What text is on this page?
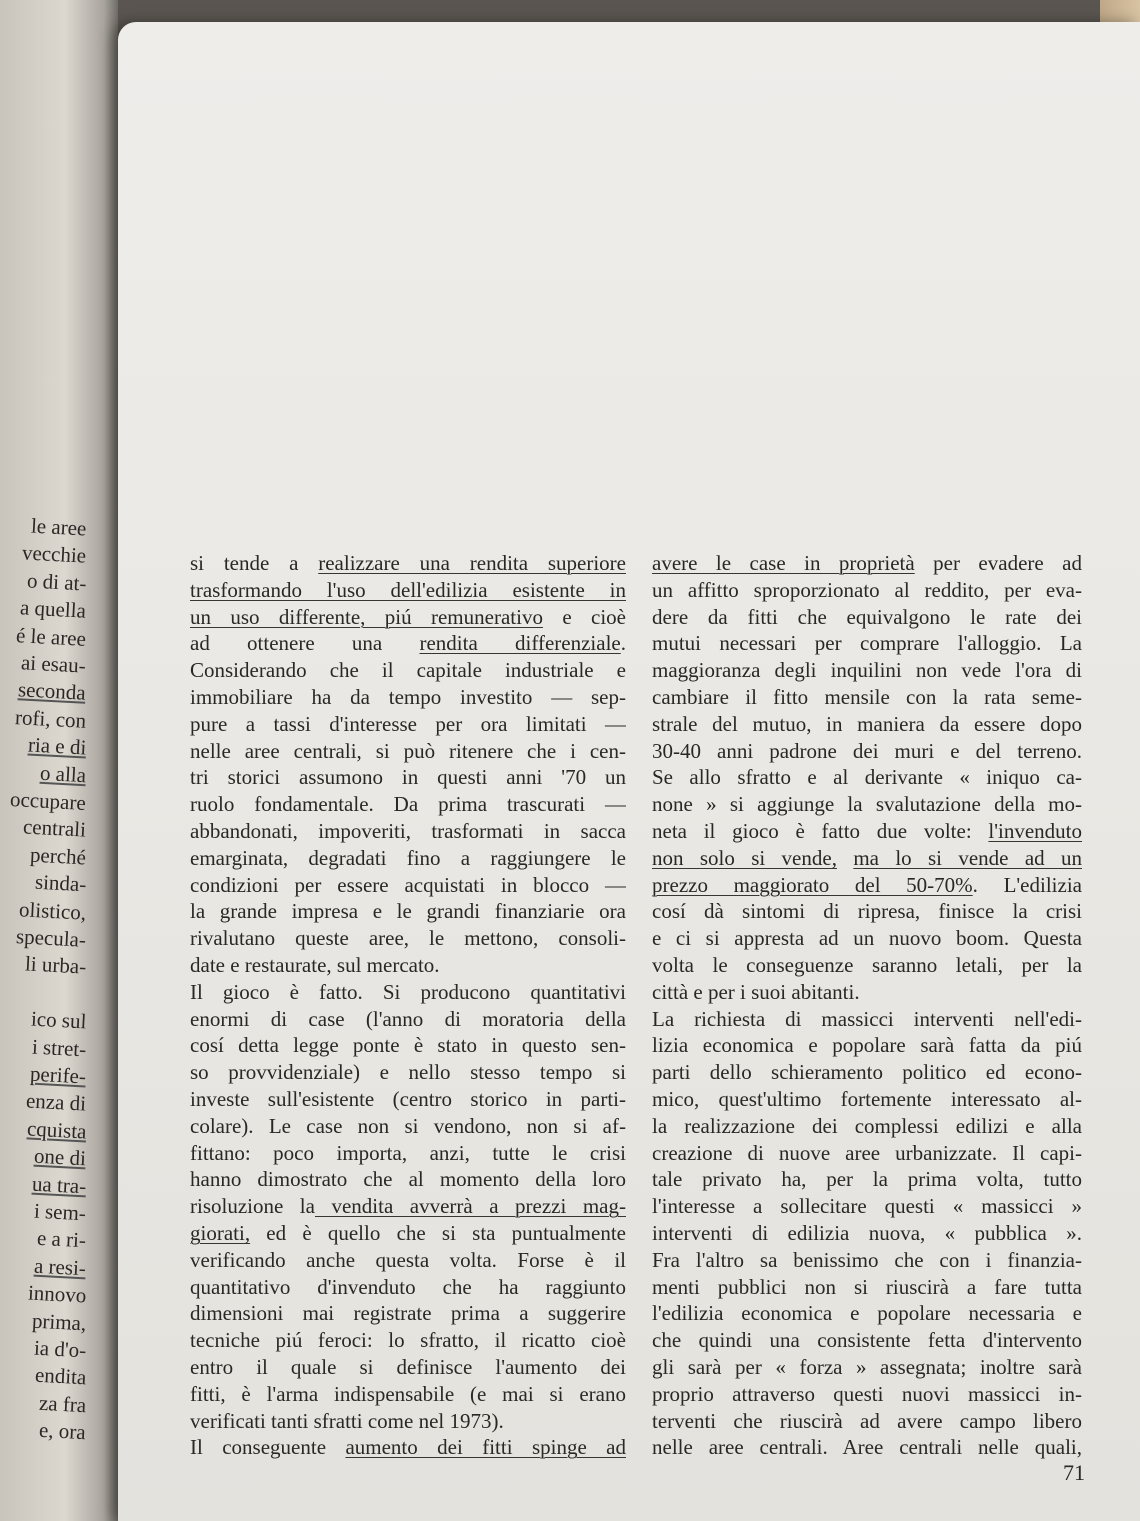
le aree
vecchie
o di at-
a quella
é le aree
ai esau-
seconda
rofi, con
ria e di
o alla
occupare
centrali
perché
sinda-
olistico,
specula-
li urba-
ico sul
i stret-
perife-
enza di
cquista
one di
ua tra-
i sem-
e a ri-
a resi-
innovo
prima,
ia d'o-
endita
za fra
e, ora
si tende a realizzare una rendita superiore
trasformando l'uso dell'edilizia esistente in
un uso differente, piú remunerativo e cioè
ad ottenere una rendita differenziale.
Considerando che il capitale industriale e
immobiliare ha da tempo investito — sep-
pure a tassi d'interesse per ora limitati —
nelle aree centrali, si può ritenere che i cen-
tri storici assumono in questi anni '70 un
ruolo fondamentale. Da prima trascurati —
abbandonati, impoveriti, trasformati in sacca
emarginata, degradati fino a raggiungere le
condizioni per essere acquistati in blocco —
la grande impresa e le grandi finanziarie ora
rivalutano queste aree, le mettono, consoli-
date e restaurate, sul mercato.
Il gioco è fatto. Si producono quantitativi
enormi di case (l'anno di moratoria della
cosí detta legge ponte è stato in questo sen-
so provvidenziale) e nello stesso tempo si
investe sull'esistente (centro storico in parti-
colare). Le case non si vendono, non si af-
fittano: poco importa, anzi, tutte le crisi
hanno dimostrato che al momento della loro
risoluzione la vendita avverrà a prezzi mag-
giorati, ed è quello che si sta puntualmente
verificando anche questa volta. Forse è il
quantitativo d'invenduto che ha raggiunto
dimensioni mai registrate prima a suggerire
tecniche piú feroci: lo sfratto, il ricatto cioè
entro il quale si definisce l'aumento dei
fitti, è l'arma indispensabile (e mai si erano
verificati tanti sfratti come nel 1973).
Il conseguente aumento dei fitti spinge ad
avere le case in proprietà per evadere ad
un affitto sproporzionato al reddito, per eva-
dere da fitti che equivalgono le rate dei
mutui necessari per comprare l'alloggio. La
maggioranza degli inquilini non vede l'ora di
cambiare il fitto mensile con la rata seme-
strale del mutuo, in maniera da essere dopo
30-40 anni padrone dei muri e del terreno.
Se allo sfratto e al derivante « iniquo ca-
none » si aggiunge la svalutazione della mo-
neta il gioco è fatto due volte: l'invenduto
non solo si vende, ma lo si vende ad un
prezzo maggiorato del 50-70%. L'edilizia
cosí dà sintomi di ripresa, finisce la crisi
e ci si appresta ad un nuovo boom. Questa
volta le conseguenze saranno letali, per la
città e per i suoi abitanti.
La richiesta di massicci interventi nell'edi-
lizia economica e popolare sarà fatta da piú
parti dello schieramento politico ed econo-
mico, quest'ultimo fortemente interessato al-
la realizzazione dei complessi edilizi e alla
creazione di nuove aree urbanizzate. Il capi-
tale privato ha, per la prima volta, tutto
l'interesse a sollecitare questi « massicci »
interventi di edilizia nuova, « pubblica ».
Fra l'altro sa benissimo che con i finanzia-
menti pubblici non si riuscirà a fare tutta
l'edilizia economica e popolare necessaria e
che quindi una consistente fetta d'intervento
gli sarà per « forza » assegnata; inoltre sarà
proprio attraverso questi nuovi massicci in-
terventi che riuscirà ad avere campo libero
nelle aree centrali. Aree centrali nelle quali,
71
